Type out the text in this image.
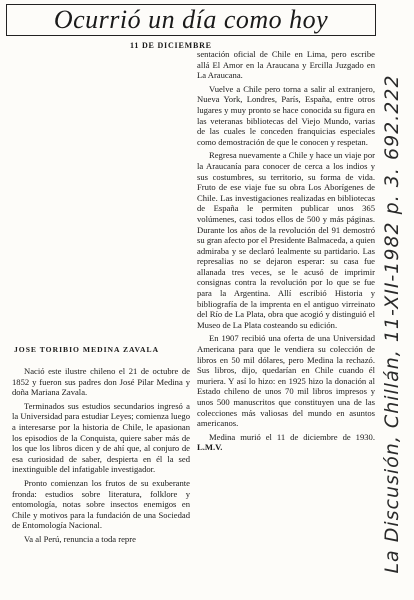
Ocurrió un día como hoy
11 DE DICIEMBRE
JOSE TORIBIO MEDINA ZAVALA

Nació este ilustre chileno el 21 de octubre de 1852 y fueron sus padres don José Pilar Medina y doña Mariana Zavala.

Terminados sus estudios secundarios ingresó a la Universidad para estudiar Leyes; comienza luego a interesarse por la historia de Chile, le apasionan los episodios de la Conquista, quiere saber más de los que los libros dicen y de ahí que, al conjuro de esa curiosidad de saber, despierta en él la sed inextinguible del infatigable investigador.

Pronto comienzan los frutos de su exuberante fronda: estudios sobre literatura, folklore y entomología, notas sobre insectos enemigos en Chile y motivos para la fundación de una Sociedad de Entomología Nacional.

Va al Perú, renuncia a toda repre

sentación oficial de Chile en Lima, pero escribe allá El Amor en la Araucana y Ercilla Juzgado en La Araucana.

Vuelve a Chile pero torna a salir al extranjero, Nueva York, Londres, París, España, entre otros lugares y muy pronto se hace conocida su figura en las veteranas bibliotecas del Viejo Mundo, varias de las cuales le conceden franquicias especiales como demostración de que le conocen y respetan.

Regresa nuevamente a Chile y hace un viaje por la Araucanía para conocer de cerca a los indios y sus costumbres, su territorio, su forma de vida. Fruto de ese viaje fue su obra Los Aborígenes de Chile. Las investigaciones realizadas en bibliotecas de España le permiten publicar unos 365 volúmenes, casi todos ellos de 500 y más páginas. Durante los años de la revolución del 91 demostró su gran afecto por el Presidente Balmaceda, a quien admiraba y se declaró lealmente su partidario. Las represalias no se dejaron esperar: su casa fue allanada tres veces, se le acusó de imprimir consignas contra la revolución por lo que se fue para la Argentina. Allí escribió Historia y bibliografía de la imprenta en el antiguo virreinato del Río de La Plata, obra que acogió y distinguió el Museo de La Plata costeando su edición.

En 1907 recibió una oferta de una Universidad Americana para que le vendiera su colección de libros en 50 mil dólares, pero Medina la rechazó. Sus libros, dijo, quedarían en Chile cuando él muriera. Y así lo hizo: en 1925 hizo la donación al Estado chileno de unos 70 mil libros impresos y unos 500 manuscritos que constituyen una de las colecciones más valiosas del mundo en asuntos americanos.

Medina murió el 11 de diciembre de 1930. L.M.V.	La Discusión, Chillán, 11-XII-1982 p. 3. 692.222
